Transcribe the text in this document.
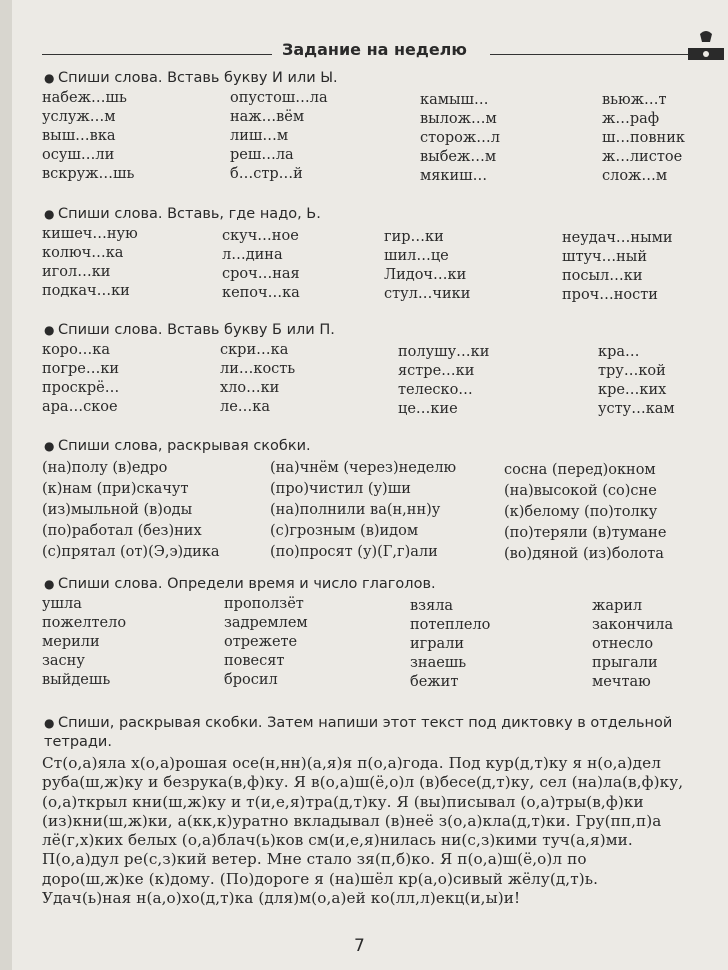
Задание на неделю
● Спиши слова. Вставь букву И или Ы.
набеж…шь
услуж…м
выш…вка
осуш…ли
вскруж…шь
опустош…ла
наж…вём
лиш…м
реш…ла
б…стр…й
камыш…
вылож…м
сторож…л
выбеж…м
мякиш…
вьюж…т
ж…раф
ш…повник
ж…листое
слож…м
● Спиши слова. Вставь, где надо, Ь.
кишеч…ную
колюч…ка
игол…ки
подкач…ки
скуч…ное
л…дина
сроч…ная
кепоч…ка
гир…ки
шил…це
Лидоч…ки
стул…чики
неудач…ными
штуч…ный
посыл…ки
проч…ности
● Спиши слова. Вставь букву Б или П.
коро…ка
погре…ки
проскрё…
ара…ское
скри…ка
ли…кость
хло…ки
ле…ка
полушу…ки
ястре…ки
телеско…
це…кие
кра…
тру…кой
кре…ких
усту…кам
● Спиши слова, раскрывая скобки.
(на)полу (в)едро
(к)нам (при)скачут
(из)мыльной (в)оды
(по)работал (без)них
(с)прятал (от)(Э,э)дика
(на)чнём (через)неделю
(про)чистил (у)ши
(на)полнили ва(н,нн)у
(с)грозным (в)идом
(по)просят (у)(Г,г)али
сосна (перед)окном
(на)высокой (со)сне
(к)белому (по)толку
(по)теряли (в)тумане
(во)дяной (из)болота
● Спиши слова. Определи время и число глаголов.
ушла
пожелтело
мерили
засну
выйдешь
проползёт
задремлем
отрежете
повесят
бросил
взяла
потеплело
играли
знаешь
бежит
жарил
закончила
отнесло
прыгали
мечтаю
● Спиши, раскрывая скобки. Затем напиши этот текст под диктовку в отдельной тетради.
Ст(о,а)яла х(о,а)рошая осе(н,нн)(а,я)я п(о,а)года. Под кур(д,т)ку я н(о,а)дел
руба(ш,ж)ку и безрука(в,ф)ку. Я в(о,а)ш(ё,о)л (в)бесе(д,т)ку, сел (на)ла(в,ф)ку,
(о,а)ткрыл кни(ш,ж)ку и т(и,е,я)тра(д,т)ку. Я (вы)писывал (о,а)тры(в,ф)ки
(из)кни(ш,ж)ки, а(кк,к)уратно вкладывал (в)неё з(о,а)кла(д,т)ки. Гру(пп,п)а
лё(г,х)ких белых (о,а)блач(ь)ков см(и,е,я)нилась ни(с,з)кими туч(а,я)ми.
П(о,а)дул ре(с,з)кий ветер. Мне стало зя(п,б)ко. Я п(о,а)ш(ё,о)л по
доро(ш,ж)ке (к)дому. (По)дороге я (на)шёл кр(а,о)сивый жёлу(д,т)ь.
Удач(ь)ная н(а,о)хо(д,т)ка (для)м(о,а)ей ко(лл,л)екц(и,ы)и!
7
